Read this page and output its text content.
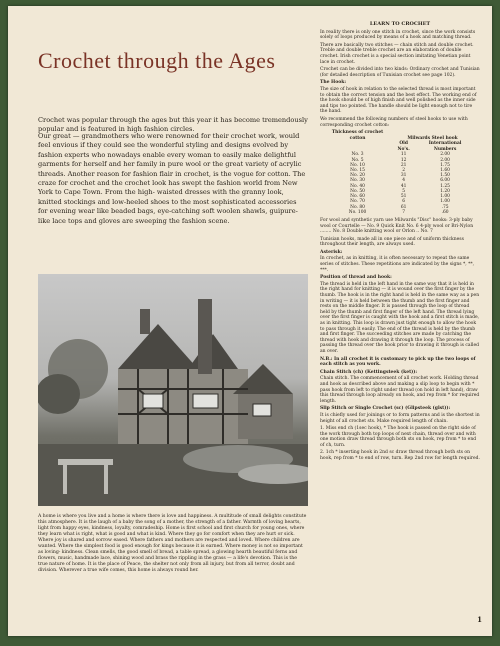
Crochet through the Ages

Crochet was popular through the ages but this year it has become tremendously popular and is featured in high fashion circles.

Our great — grandmothers who were renowned for their crochet work, would feel envious if they could see the wonderful styling and designs evolved by fashion experts who nowadays enable every woman to easily make delightful garments for herself and her family in pure wool or the great variety of acrylic threads. Another reason for fashion flair in crochet, is the vogue for cotton. The craze for crochet and the crochet look has swept the fashion world from New York to Cape Town. From the high- waisted dresses with the granny look, knitted stockings and low-heeled shoes to the most sophisticated accessories for evening wear like beaded bags, eye-catching soft woolen shawls, guipure-like lace tops and gloves are sweeping the fashion scene.

A home is where you live and a home is where there is love and happiness. A multitude of small delights constitute this atmosphere. It is the laugh of a baby the song of a mother, the strength of a father. Warmth of loving hearts, light from happy eyes, kindness, loyalty, comradeship. Home is first school and first church for young ones, where they learn what is right, what is good and what is kind. Where they go for comfort when they are hurt or sick. Where joy is shared and sorrow eased. Where fathers and mothers are respected and loved. Where children are wanted. Where the simplest food is good enough for kings because it is earned. Where money is not so important as loving- kindness. Clean smells, the good smell of bread, a table spread, a glowing hearth beautiful ferns and flowers, music, handmade lace, shining wood and brass the rippling in the grass — a life's devotion. This is the true nature of home. It is the place of Peace, the shelter not only from all injury, but from all terror, doubt and division. Wherever a true wife comes, this home is always round her.

LEARN TO CROCHET

In reality there is only one stitch in crochet, since the work consists solely of loops produced by means of a hook and matching thread.

There are basically two stitches — chain stitch and double crochet. Treble and double treble crochet are an elaboration of double crochet. Irish crochet is a special section imitating Venetian point lace in crochet.

Crochet can be divided into two kinds: Ordinary crochet and Tunisian (for detailed description of Tunisian crochet see page 102).

The Hook:

The size of hook in relation to the selected thread is most important to obtain the correct tension and the best effect. The working end of the hook should be of high finish and well polished as the inner side and tips too pointed. The handle should be light enough not to tire the hand.

We recommend the following numbers of steel hooks to use with corresponding crochet cotton:

Thickness of crochet cotton	Milwards Steel hook	
	Old No's.	International Numbers
No. 3	11	2.00
No. 5	12	2.00
No. 10	21	1.75
No. 15	2	1.60
No. 20	31	1.50
No. 30	4	6.00
No. 40	41	1.25
No. 50	5	1.20
No. 60	51	1.00
No. 70	6	1.00
No. 80	61	.75
No. 100	7	.60

For wool and synthetic yarn use Milwards "Disc" hooks: 3-ply baby wool or Courtelle — No. 9 Quick Knit No. 6 4-ply wool or Bri-Nylon ........ No. 8 Double knitting wool or Orlon .. No. 7

Tunisian hooks, made all in one piece and of uniform thickness throughout their length, are always used.

Asterisk:

In crochet, as in knitting, it is often necessary to repeat the same series of stitches. These repetitions are indicated by the signs *, **, ***.

Position of thread and hook:

The thread is held in the left hand in the same way that it is held in the right hand for knitting — it is wound over the first finger by the thumb. The hook is in the right hand is held in the same way as a pen in writing — it is held between the thumb and the first finger and rests on the middle finger. It is passed through the loop of thread held by the thumb and first finger of the left hand. The thread lying over the first finger is caught with the hook and a first stitch is made, as in knitting. This loop is drawn just tight enough to allow the hook to pass through it easily. The end of the thread is held by the thumb and first finger. The succeeding stitches are made by catching the thread with hook and drawing it through the loop. The process of passing the thread over the hook prior to drawing it through is called an over.

N.B.: In all crochet it is customary to pick up the two loops of each stitch as you work.

Chain Stitch (ch) (Kettingsteek (ket)):

Chain stitch. The commencement of all crochet work. Holding thread and hook as described above and making a slip loop to begin with * pass hook from left to right under thread (on hold in left hand), draw this thread through loop already on hook, and rep from * for required length.

Slip Stitch or Single Crochet (sc) (Glipsteek (glst)):

It is chiefly used for joinings or to form patterns and is the shortest in height of all crochet sts. Make required length of chain.

1. Miss end ch (1sec hook), * The hook is passed on the right side of the work through both top loops of next chain, thread over and with one motion draw thread through both sts on hook, rep from * to end of ch, turn.

2. 1ch * inserting hook in 2nd sc draw thread through both sts on hook, rep from * to end of row, turn. Rep 2nd row for length required.

1
